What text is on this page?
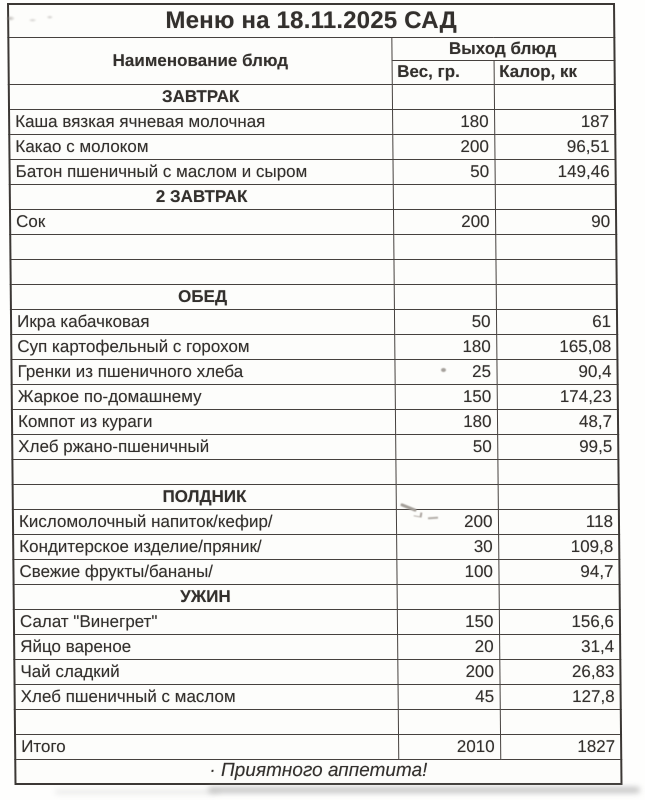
Меню на 18.11.2025 САД		
Наименование блюд	Выход блюд	
	Вес, гр.	Калор, кк
ЗАВТРАК		
Каша вязкая ячневая молочная	180	187
Какао с молоком	200	96,51
Батон пшеничный с маслом и сыром	50	149,46
2 ЗАВТРАК		
Сок	200	90

ОБЕД		
Икра кабачковая	50	61
Суп картофельный с горохом	180	165,08
Гренки из пшеничного хлеба	25	90,4
Жаркое по-домашнему	150	174,23
Компот из кураги	180	48,7
Хлеб ржано-пшеничный	50	99,5

ПОЛДНИК		
Кисломолочный напиток/кефир/	200	118
Кондитерское изделие/пряник/	30	109,8
Свежие фрукты/бананы/	100	94,7
УЖИН		
Салат "Винегрет"	150	156,6
Яйцо вареное	20	31,4
Чай сладкий	200	26,83
Хлеб пшеничный с маслом	45	127,8

Итого	2010	1827
· Приятного аппетита!		
